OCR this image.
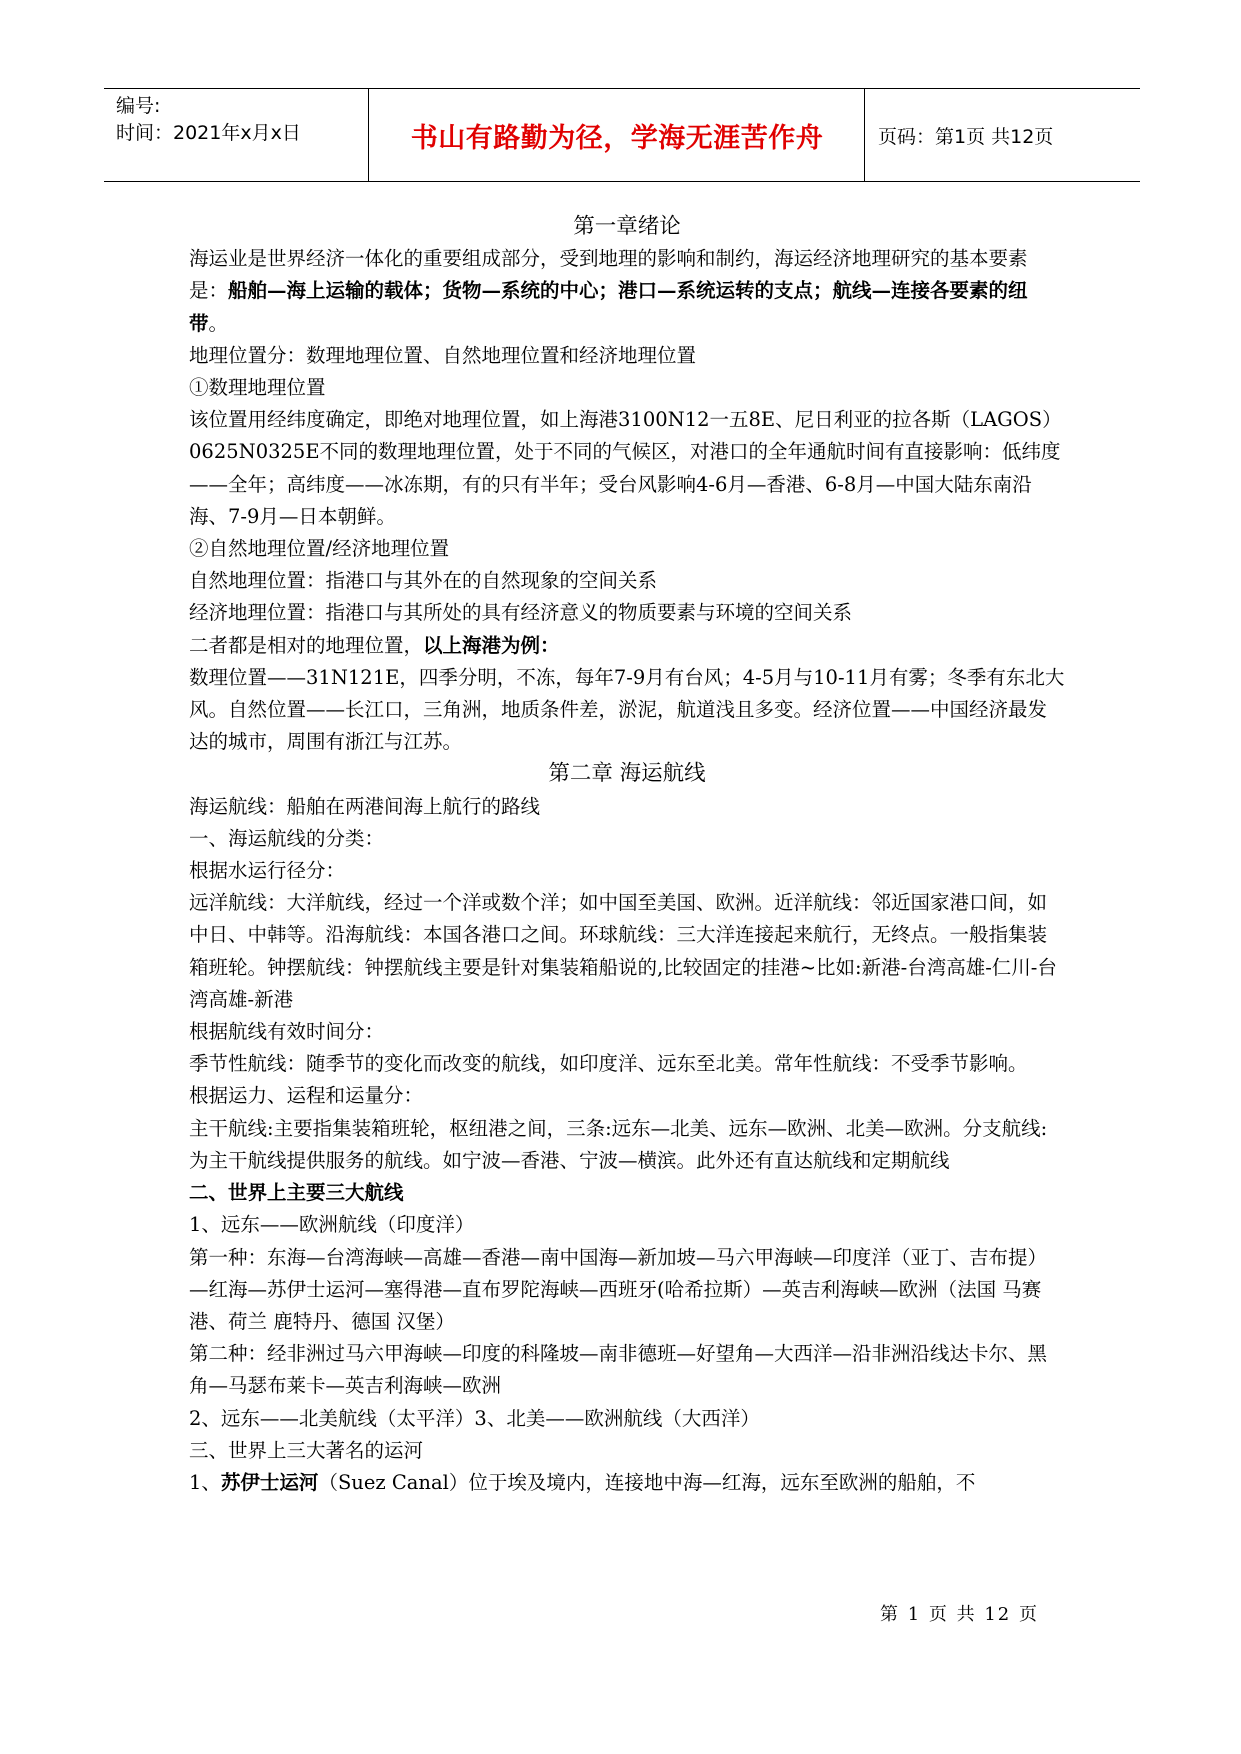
编号:
时间：2021年x月x日	书山有路勤为径，学海无涯苦作舟	页码：第1页 共12页

第一章绪论

海运业是世界经济一体化的重要组成部分，受到地理的影响和制约，海运经济地理研究的基本要素是：船舶—海上运输的载体；货物—系统的中心；港口—系统运转的支点；航线—连接各要素的纽带。

地理位置分：数理地理位置、自然地理位置和经济地理位置

①数理地理位置

该位置用经纬度确定，即绝对地理位置，如上海港3100N12一五8E、尼日利亚的拉各斯（LAGOS）0625N0325E不同的数理地理位置，处于不同的气候区，对港口的全年通航时间有直接影响：低纬度——全年；高纬度——冰冻期，有的只有半年；受台风影响4-6月—香港、6-8月—中国大陆东南沿海、7-9月—日本朝鲜。

②自然地理位置/经济地理位置

自然地理位置：指港口与其外在的自然现象的空间关系

经济地理位置：指港口与其所处的具有经济意义的物质要素与环境的空间关系

二者都是相对的地理位置，以上海港为例：

数理位置——31N121E，四季分明，不冻，每年7-9月有台风；4-5月与10-11月有雾；冬季有东北大风。自然位置——长江口，三角洲，地质条件差，淤泥，航道浅且多变。经济位置——中国经济最发达的城市，周围有浙江与江苏。

第二章 海运航线

海运航线：船舶在两港间海上航行的路线

一、海运航线的分类：

根据水运行径分：

远洋航线：大洋航线，经过一个洋或数个洋；如中国至美国、欧洲。近洋航线：邻近国家港口间，如中日、中韩等。沿海航线：本国各港口之间。环球航线：三大洋连接起来航行，无终点。一般指集装箱班轮。钟摆航线：钟摆航线主要是针对集装箱船说的,比较固定的挂港~比如:新港-台湾高雄-仁川-台湾高雄-新港

根据航线有效时间分：

季节性航线：随季节的变化而改变的航线，如印度洋、远东至北美。常年性航线：不受季节影响。

根据运力、运程和运量分：

主干航线:主要指集装箱班轮，枢纽港之间，三条:远东—北美、远东—欧洲、北美—欧洲。分支航线:为主干航线提供服务的航线。如宁波—香港、宁波—横滨。此外还有直达航线和定期航线

二、世界上主要三大航线

1、远东——欧洲航线（印度洋）

第一种：东海—台湾海峡—高雄—香港—南中国海—新加坡—马六甲海峡—印度洋（亚丁、吉布提）—红海—苏伊士运河—塞得港—直布罗陀海峡—西班牙(哈希拉斯）—英吉利海峡—欧洲（法国 马赛港、荷兰 鹿特丹、德国 汉堡）

第二种：经非洲过马六甲海峡—印度的科隆坡—南非德班—好望角—大西洋—沿非洲沿线达卡尔、黑角—马瑟布莱卡—英吉利海峡—欧洲

2、远东——北美航线（太平洋）3、北美——欧洲航线（大西洋）

三、世界上三大著名的运河

1、苏伊士运河（Suez Canal）位于埃及境内，连接地中海—红海，远东至欧洲的船舶，不

第 1 页 共 12 页
